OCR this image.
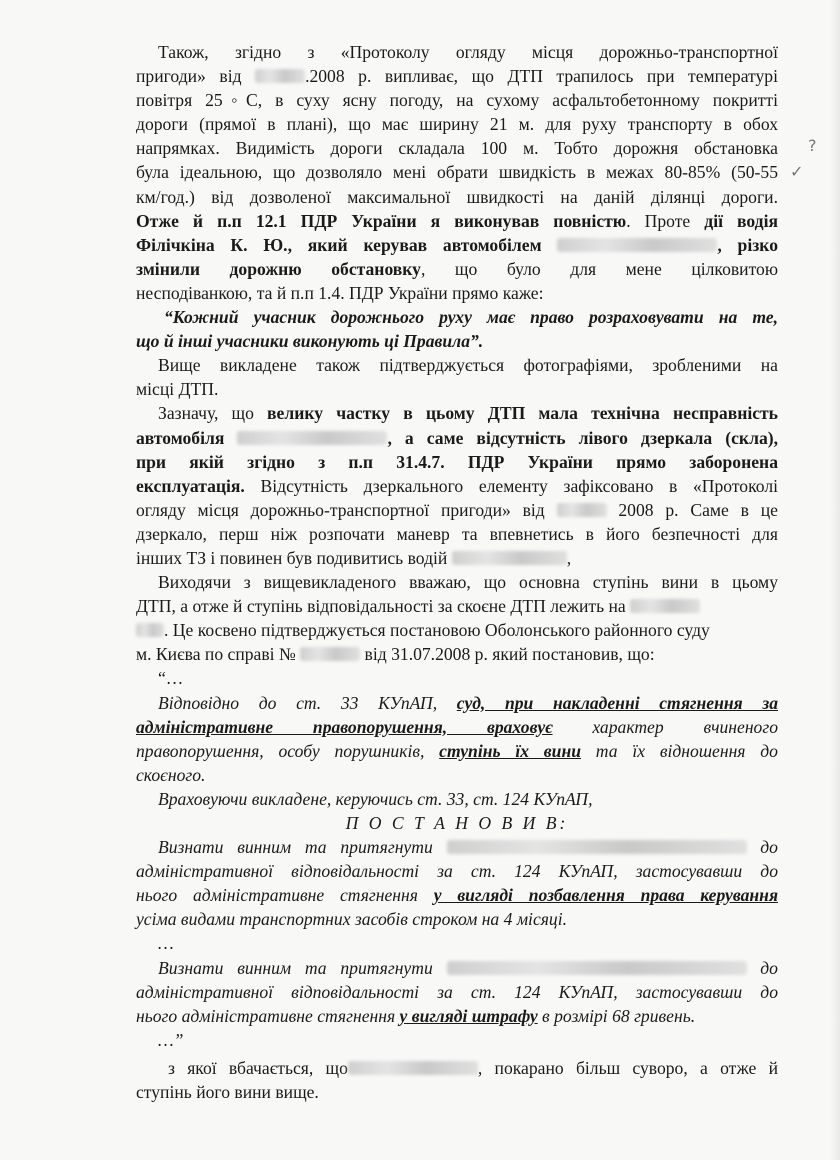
Також, згідно з «Протоколу огляду місця дорожньо-транспортної
пригоди» від	.2008 р. випливає, що ДТП трапилось при температурі
повітря 25◦С, в суху ясну погоду, на сухому асфальтобетонному покритті
дороги (прямої в плані), що має ширину 21 м. для руху транспорту в обох
напрямках. Видимість дороги складала 100 м. Тобто дорожня обстановка
була ідеальною, що дозволяло мені обрати швидкість в межах 80-85% (50-55
км/год.) від дозволеної максимальної швидкості на даній ділянці дороги.
Отже й п.п 12.1 ПДР України я виконував повністю. Проте дії водія
Філічкіна К. Ю., який керував автомобілем	, різко
змінили дорожню обстановку, що було для мене цілковитою
несподіванкою, та й п.п 1.4. ПДР України прямо каже:
“Кожний учасник дорожнього руху має право розраховувати на те,
що й інші учасники виконують ці Правила”.
Вище викладене також підтверджується фотографіями, зробленими на
місці ДТП.
Зазначу, що велику частку в цьому ДТП мала технічна несправність
автомобіля	, а саме відсутність лівого дзеркала (скла),
при якій згідно з п.п 31.4.7. ПДР України прямо заборонена
експлуатація. Відсутність дзеркального елементу зафіксовано в «Протоколі
огляду місця дорожньо-транспортної пригоди» від	2008 р. Саме в це
дзеркало, перш ніж розпочати маневр та впевнетись в його безпечності для
інших ТЗ і повинен був подивитись водій	,
Виходячи з вищевикладеного вважаю, що основна ступінь вини в цьому
ДТП, а отже й ступінь відповідальності за скоєне ДТП лежить на
. Це косвено підтверджується постановою Оболонського районного суду
м. Києва по справі №	від 31.07.2008 р. який постановив, що:
“…
Відповідно до ст. 33 КУпАП, суд, при накладенні стягнення за
адміністративне правопорушення, враховує характер вчиненого
правопорушення, особу порушників, ступінь їх вини та їх відношення до
скоєного.
Враховуючи викладене, керуючись ст. 33, ст. 124 КУпАП,
П О С Т А Н О В И В:
Визнати винним та притягнути	до
адміністративної відповідальності за ст. 124 КУпАП, застосувавши до
нього адміністративне стягнення у вигляді позбавлення права керування
усіма видами транспортних засобів строком на 4 місяці.
…
Визнати винним та притягнути	до
адміністративної відповідальності за ст. 124 КУпАП, застосувавши до
нього адміністративне стягнення у вигляді штрафу в розмірі 68 гривень.
…”
з якої вбачається, що	, покарано більш суворо, а отже й
ступінь його вини вище.
?
✓
